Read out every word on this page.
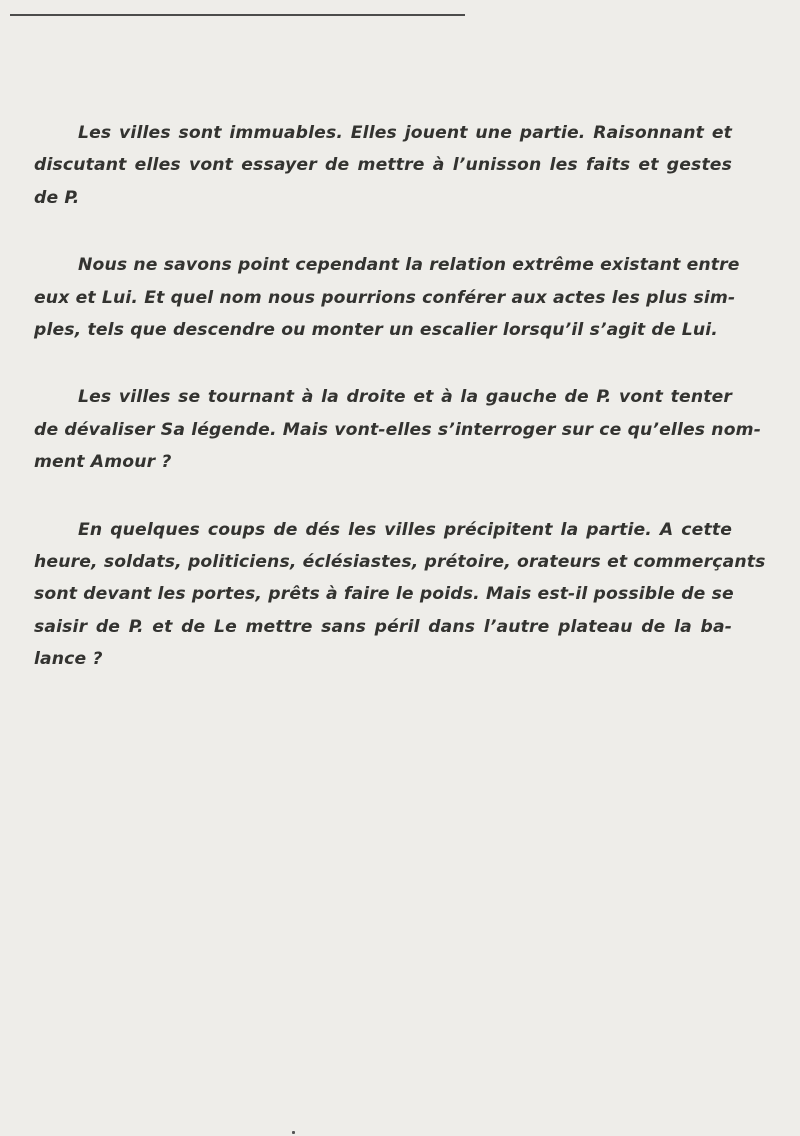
Les villes sont immuables. Elles jouent une partie. Raisonnant et
discutant elles vont essayer de mettre à l’unisson les faits et gestes
de P.

Nous ne savons point cependant la relation extrême existant entre
eux et Lui. Et quel nom nous pourrions conférer aux actes les plus sim-
ples, tels que descendre ou monter un escalier lorsqu’il s’agit de Lui.

Les villes se tournant à la droite et à la gauche de P. vont tenter
de dévaliser Sa légende. Mais vont-elles s’interroger sur ce qu’elles nom-
ment Amour ?

En quelques coups de dés les villes précipitent la partie. A cette
heure, soldats, politiciens, éclésiastes, prétoire, orateurs et commerçants
sont devant les portes, prêts à faire le poids. Mais est-il possible de se
saisir de P. et de Le mettre sans péril dans l’autre plateau de la ba-
lance ?
